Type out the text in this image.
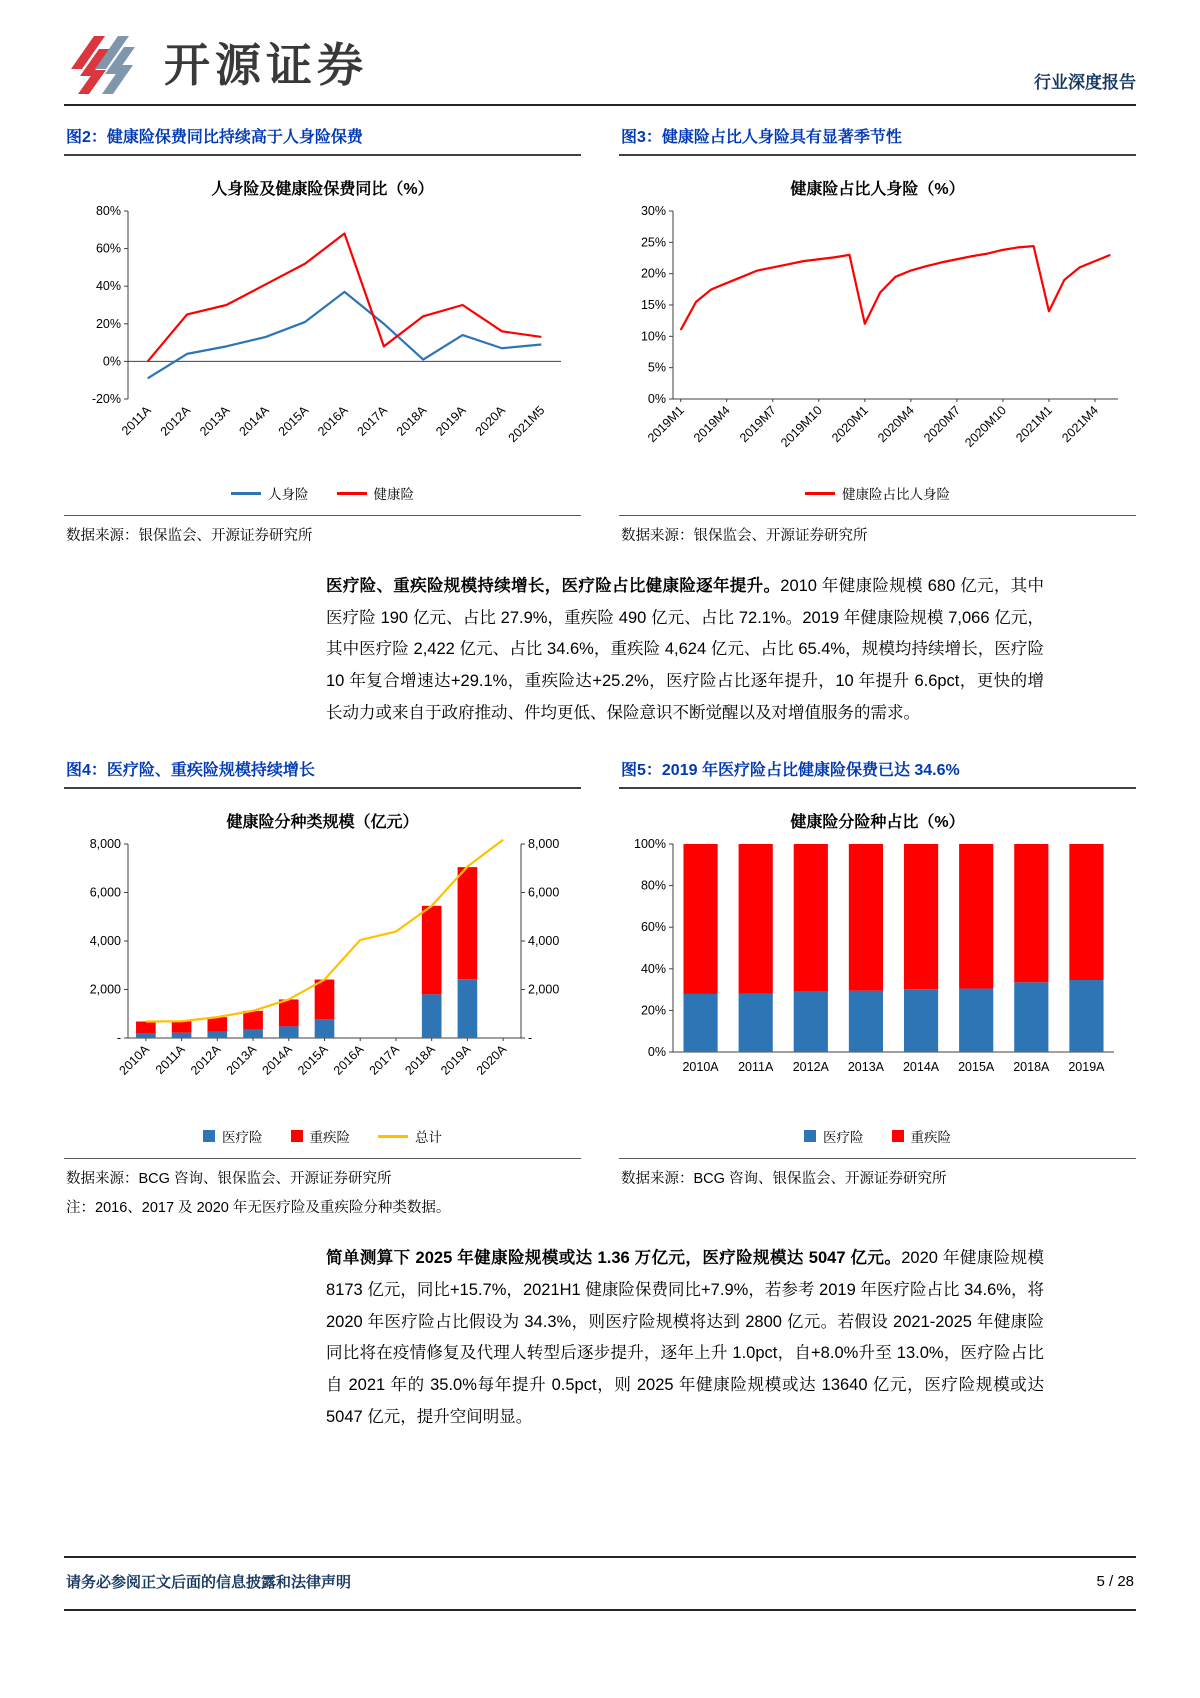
开源证券	行业深度报告
图2：健康险保费同比持续高于人身险保费
人身险及健康险保费同比（%）
-20%
0%
20%
40%
60%
80%
2011A 2012A 2013A 2014A 2015A 2016A 2017A 2018A 2019A 2020A
2021M5
人身险	健康险
数据来源：银保监会、开源证券研究所
图3：健康险占比人身险具有显著季节性
健康险占比人身险（%）
0%
5%
10%
15%
20%
25%
30%
2019M1 2019M4 2019M7 2019M10 2020M1 2020M4 2020M7 2020M10 2021M1 2021M4
健康险占比人身险
数据来源：银保监会、开源证券研究所

医疗险、重疾险规模持续增长，医疗险占比健康险逐年提升。2010 年健康险规模 680 亿元，其中医疗险 190 亿元、占比 27.9%，重疾险 490 亿元、占比 72.1%。2019 年健康险规模 7,066 亿元，其中医疗险 2,422 亿元、占比 34.6%，重疾险 4,624 亿元、占比 65.4%，规模均持续增长，医疗险 10 年复合增速达+29.1%，重疾险达+25.2%，医疗险占比逐年提升，10 年提升 6.6pct，更快的增长动力或来自于政府推动、件均更低、保险意识不断觉醒以及对增值服务的需求。

图4：医疗险、重疾险规模持续增长
健康险分种类规模（亿元）
-	-
2,000	2,000
4,000	4,000
6,000	6,000
8,000	8,000
2010A 2011A 2012A 2013A 2014A 2015A 2016A 2017A 2018A 2019A 2020A
医疗险	重疾险	总计
数据来源：BCG 咨询、银保监会、开源证券研究所
注：2016、2017 及 2020 年无医疗险及重疾险分种类数据。
图5：2019 年医疗险占比健康险保费已达 34.6%
健康险分险种占比（%）
0%
20%
40%
60%
80%
100%
2010A 2011A 2012A 2013A 2014A 2015A 2018A 2019A
医疗险	重疾险
数据来源：BCG 咨询、银保监会、开源证券研究所

简单测算下 2025 年健康险规模或达 1.36 万亿元，医疗险规模达 5047 亿元。2020 年健康险规模 8173 亿元，同比+15.7%，2021H1 健康险保费同比+7.9%，若参考 2019 年医疗险占比 34.6%，将 2020 年医疗险占比假设为 34.3%，则医疗险规模将达到 2800 亿元。若假设 2021-2025 年健康险同比将在疫情修复及代理人转型后逐步提升，逐年上升 1.0pct，自+8.0%升至 13.0%，医疗险占比自 2021 年的 35.0%每年提升 0.5pct，则 2025 年健康险规模或达 13640 亿元，医疗险规模或达 5047 亿元，提升空间明显。

请务必参阅正文后面的信息披露和法律声明	5 / 28
